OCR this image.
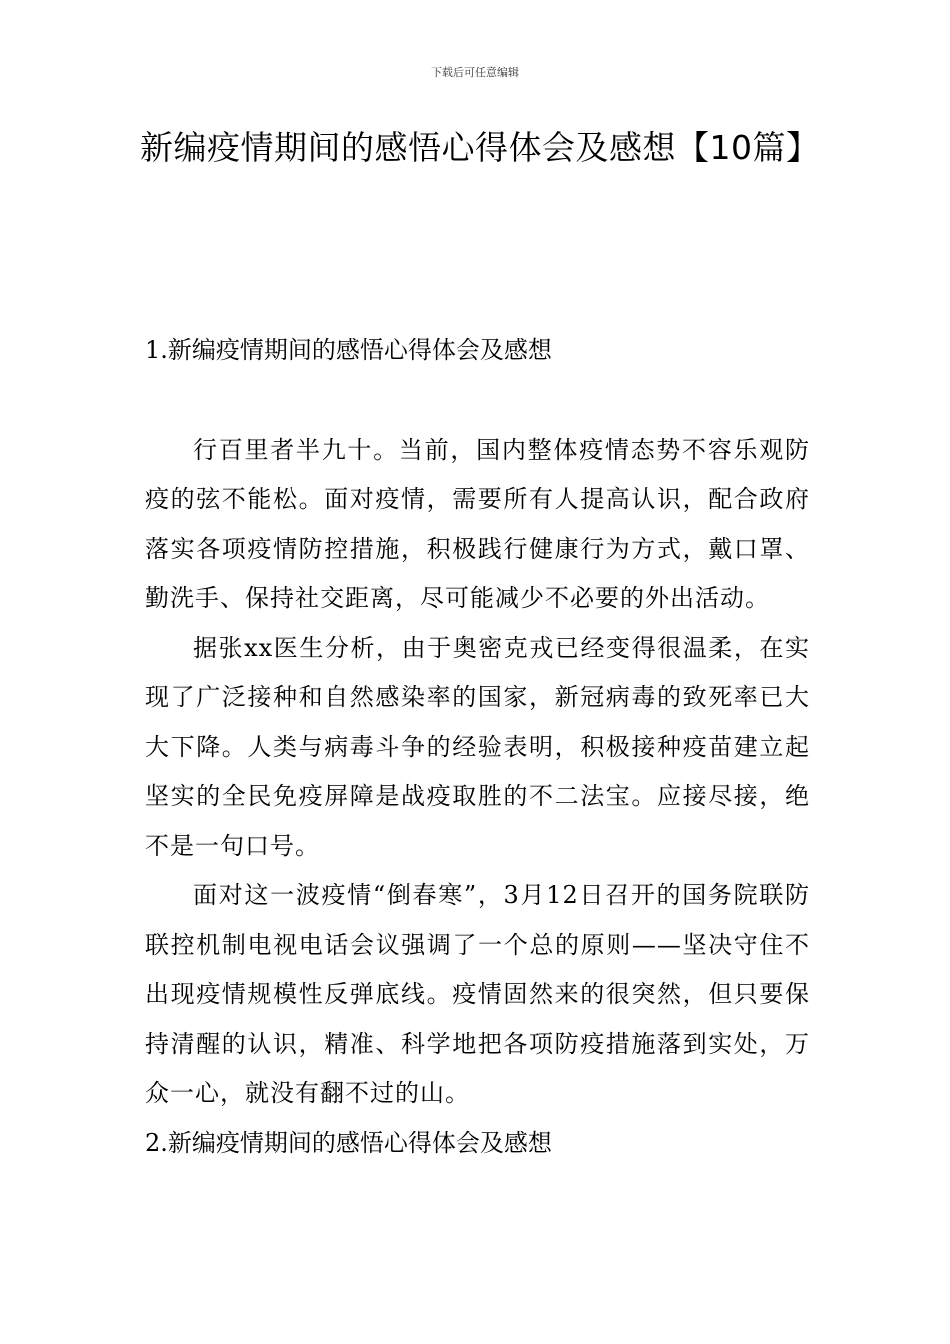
下载后可任意编辑
新编疫情期间的感悟心得体会及感想【10篇】
1.新编疫情期间的感悟心得体会及感想

行百里者半九十。当前，国内整体疫情态势不容乐观防疫的弦不能松。面对疫情，需要所有人提高认识，配合政府落实各项疫情防控措施，积极践行健康行为方式，戴口罩、勤洗手、保持社交距离，尽可能减少不必要的外出活动。

据张xx医生分析，由于奥密克戎已经变得很温柔，在实现了广泛接种和自然感染率的国家，新冠病毒的致死率已大大下降。人类与病毒斗争的经验表明，积极接种疫苗建立起坚实的全民免疫屏障是战疫取胜的不二法宝。应接尽接，绝不是一句口号。

面对这一波疫情“倒春寒”，3月12日召开的国务院联防联控机制电视电话会议强调了一个总的原则——坚决守住不出现疫情规模性反弹底线。疫情固然来的很突然，但只要保持清醒的认识，精准、科学地把各项防疫措施落到实处，万众一心，就没有翻不过的山。

2.新编疫情期间的感悟心得体会及感想
